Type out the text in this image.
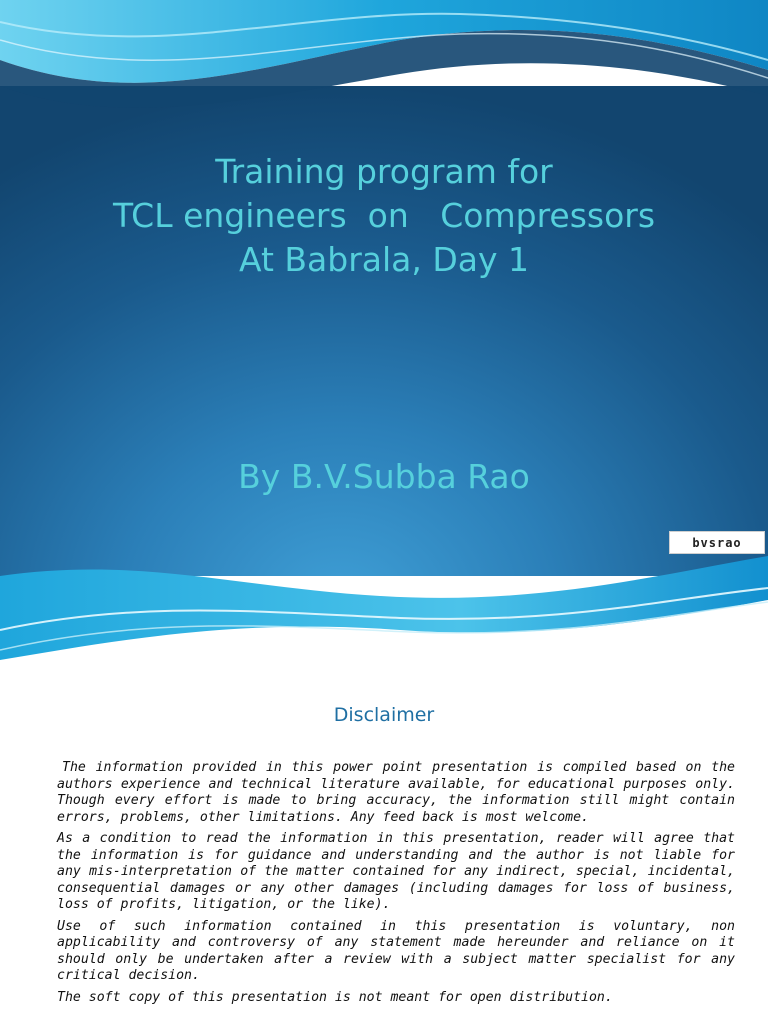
Training program for
TCL engineers  on   Compressors
At Babrala, Day 1
By B.V.Subba Rao
bvsrao
Disclaimer

The information provided in this power point presentation is compiled based on the authors experience and technical literature available, for educational purposes only. Though every effort is made to bring accuracy, the information still might contain errors, problems, other limitations. Any feed back is most welcome.

As a condition to read the information in this presentation, reader will agree that the information is for guidance and understanding and the author is not liable for any mis-interpretation of the matter contained for any indirect, special, incidental, consequential damages or any other damages (including damages for loss of business, loss of profits, litigation, or the like).

Use of such information contained in this presentation is voluntary, non applicability and controversy of any statement made hereunder and reliance on it should only be undertaken after a review with a subject matter specialist for any critical decision.

The soft copy of this presentation is not meant for open distribution.
